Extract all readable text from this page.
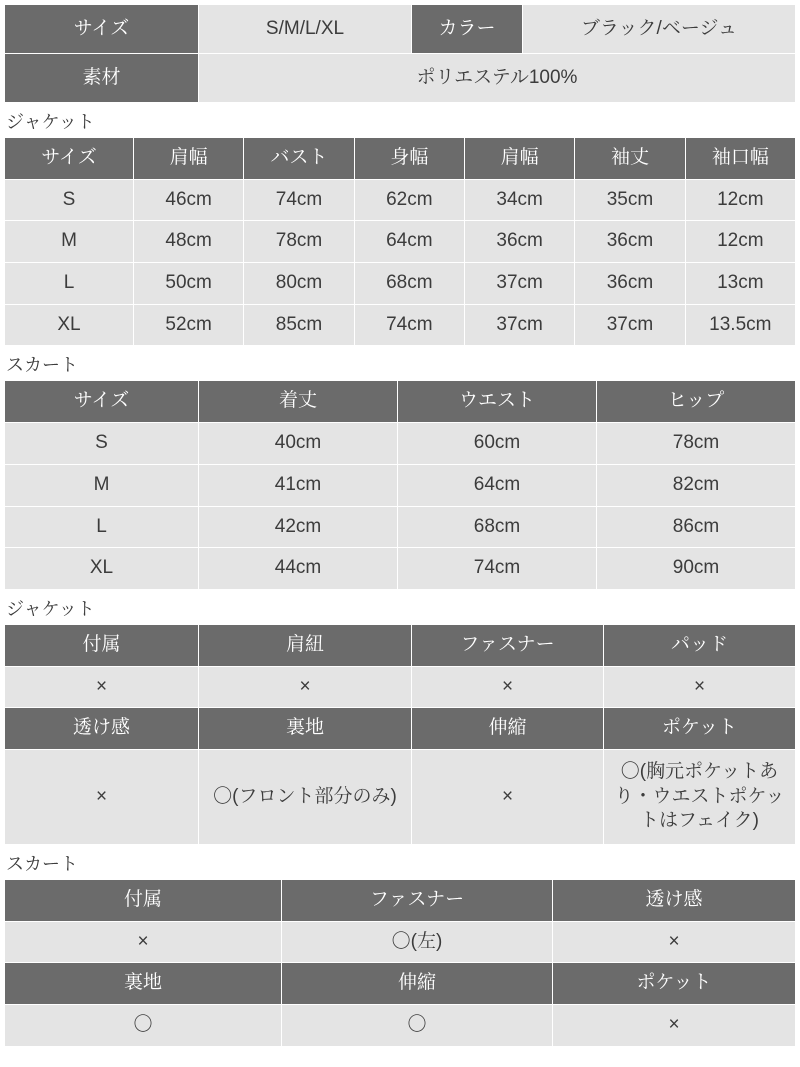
サイズ	S/M/L/XL	カラー	ブラック/ベージュ
素材	ポリエステル100%		
ジャケット
サイズ	肩幅	バスト	身幅	肩幅	袖丈	袖口幅
S	46cm	74cm	62cm	34cm	35cm	12cm
M	48cm	78cm	64cm	36cm	36cm	12cm
L	50cm	80cm	68cm	37cm	36cm	13cm
XL	52cm	85cm	74cm	37cm	37cm	13.5cm
スカート
サイズ	着丈	ウエスト	ヒップ
S	40cm	60cm	78cm
M	41cm	64cm	82cm
L	42cm	68cm	86cm
XL	44cm	74cm	90cm
ジャケット
付属	肩紐	ファスナー	パッド
×	×	×	×
透け感	裏地	伸縮	ポケット
×	〇(フロント部分のみ)	×	〇(胸元ポケットあり・ウエストポケットはフェイク)
スカート
付属	ファスナー	透け感
×	〇(左)	×
裏地	伸縮	ポケット
〇	〇	×
